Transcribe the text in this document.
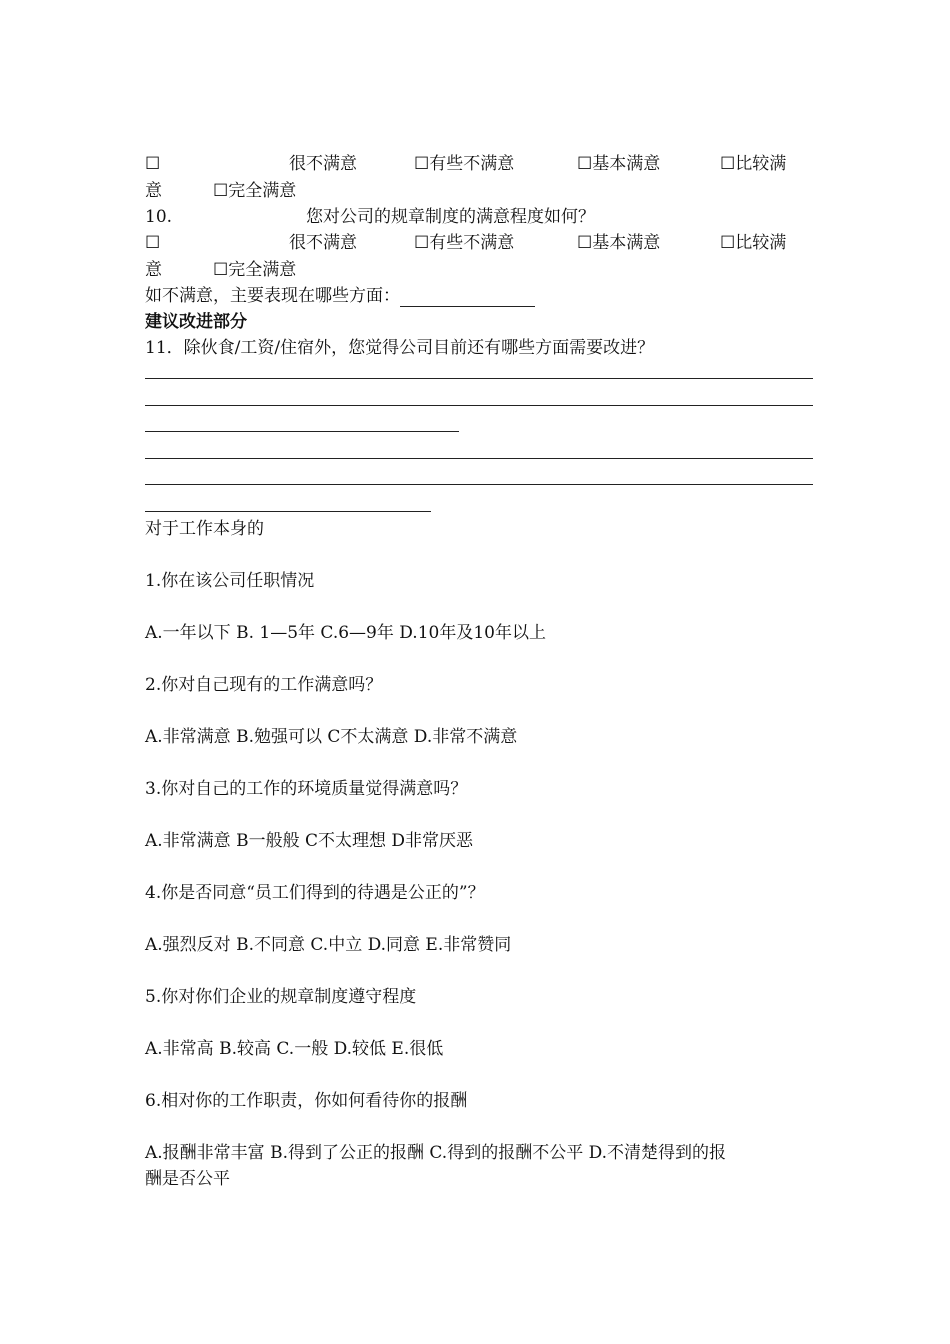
☐	很不满意	☐有些不满意	☐基本满意	☐比较满
意	☐完全满意
10.	您对公司的规章制度的满意程度如何？
☐	很不满意	☐有些不满意	☐基本满意	☐比较满
意	☐完全满意
如不满意，主要表现在哪些方面：
建议改进部分
11．除伙食/工资/住宿外，您觉得公司目前还有哪些方面需要改进？
对于工作本身的
1.你在该公司任职情况
A.一年以下 B. 1—5年 C.6—9年 D.10年及10年以上
2.你对自己现有的工作满意吗？
A.非常满意 B.勉强可以 C不太满意 D.非常不满意
3.你对自己的工作的环境质量觉得满意吗？
A.非常满意 B一般般 C不太理想 D非常厌恶
4.你是否同意“员工们得到的待遇是公正的”？
A.强烈反对 B.不同意 C.中立 D.同意 E.非常赞同
5.你对你们企业的规章制度遵守程度
A.非常高 B.较高 C.一般 D.较低 E.很低
6.相对你的工作职责，你如何看待你的报酬
A.报酬非常丰富 B.得到了公正的报酬 C.得到的报酬不公平 D.不清楚得到的报
酬是否公平
